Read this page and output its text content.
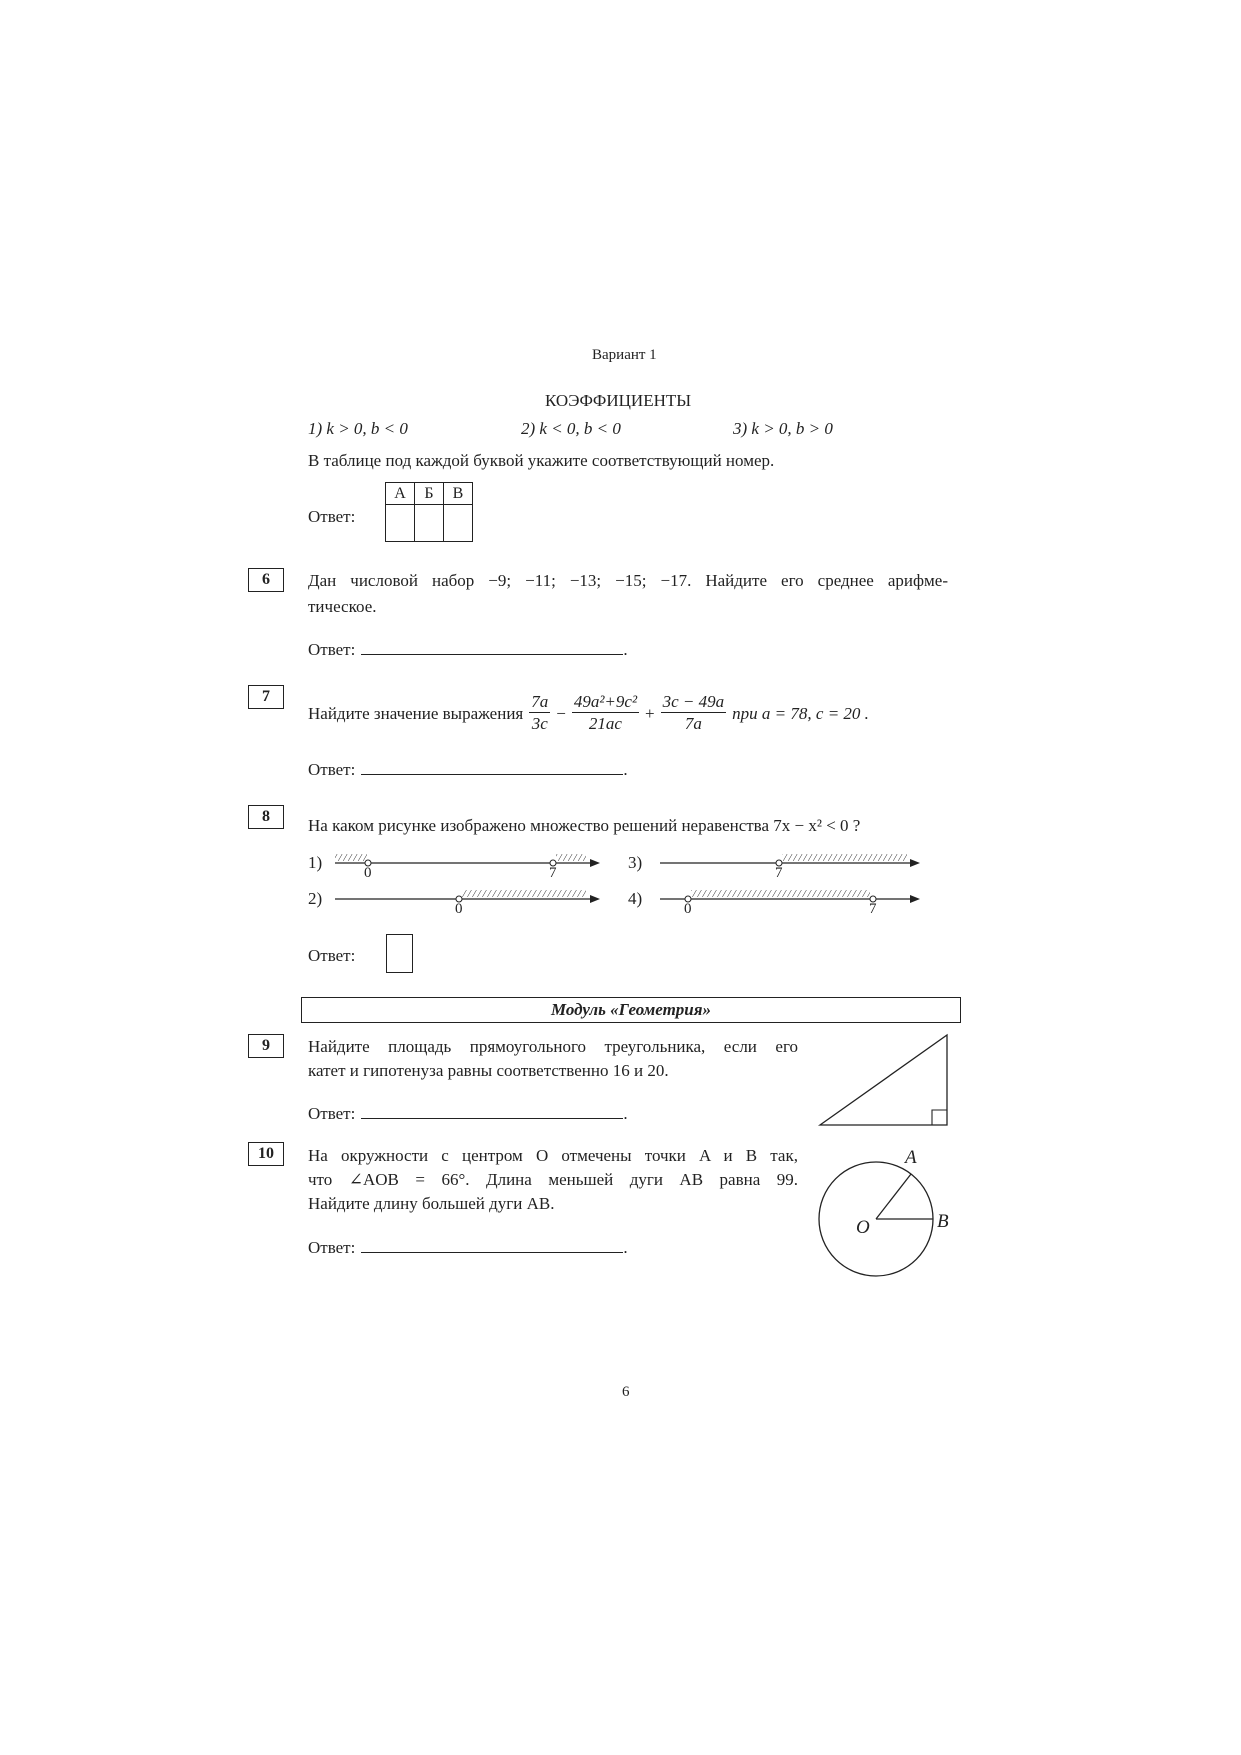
Вариант 1
КОЭФФИЦИЕНТЫ
1) k > 0, b < 0	2) k < 0, b < 0	3) k > 0, b > 0
В таблице под каждой буквой укажите соответствующий номер.
Ответ:
А	Б	В

6	Дан числовой набор −9; −11; −13; −15; −17. Найдите его среднее арифме-
тическое.
Ответ:	.
7
Найдите значение выражения $\frac{7a}{3c} - \frac{\text{49a²+9c²}}{21ac} + \frac{3c - 49a}{7a}$ при a = 78, c = 20 .
Ответ:	.
8	На каком рисунке изображено множество решений неравенства 7x − x² < 0 ?
1)
2)
3)
4)
0	7
0
7
0	7
Ответ:
Модуль «Геометрия»
9	Найдите площадь прямоугольного треугольника, если его
катет и гипотенуза равны соответственно 16 и 20.
Ответ:	.
10	На окружности с центром O отмечены точки A и B так,
что ∠AOB = 66°. Длина меньшей дуги AB равна 99.
Найдите длину большей дуги AB.
Ответ:	.
A
B
O
6
